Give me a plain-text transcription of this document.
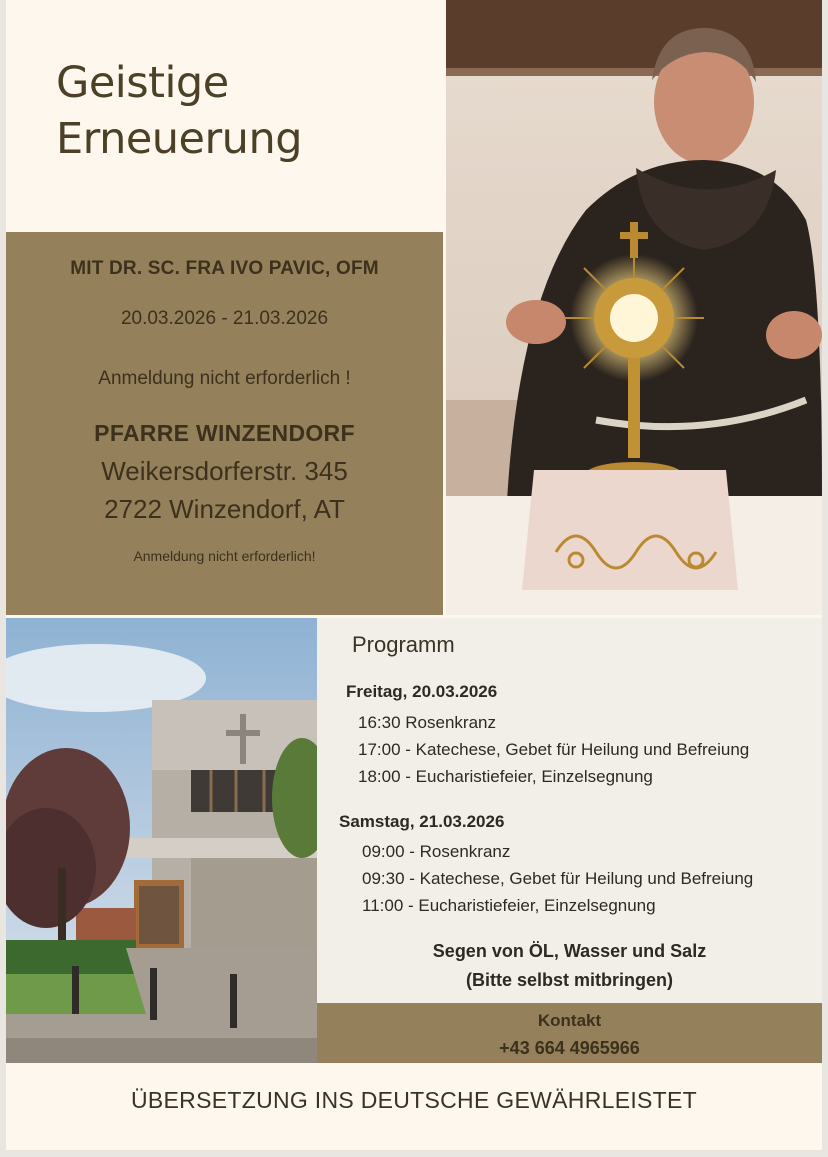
Geistige
Erneuerung
MIT DR. SC. FRA IVO PAVIC, OFM
20.03.2026 - 21.03.2026
Anmeldung nicht erforderlich !
PFARRE WINZENDORF
Weikersdorferstr. 345
2722 Winzendorf, AT
Anmeldung nicht erforderlich!
Programm
Freitag, 20.03.2026
16:30 Rosenkranz
17:00 - Katechese, Gebet für Heilung und Befreiung
18:00 - Eucharistiefeier, Einzelsegnung
Samstag, 21.03.2026
09:00 - Rosenkranz
09:30 - Katechese, Gebet für Heilung und Befreiung
11:00 - Eucharistiefeier, Einzelsegnung
Segen von ÖL, Wasser und Salz
(Bitte selbst mitbringen)
Kontakt
+43 664 4965966
ÜBERSETZUNG INS DEUTSCHE GEWÄHRLEISTET
